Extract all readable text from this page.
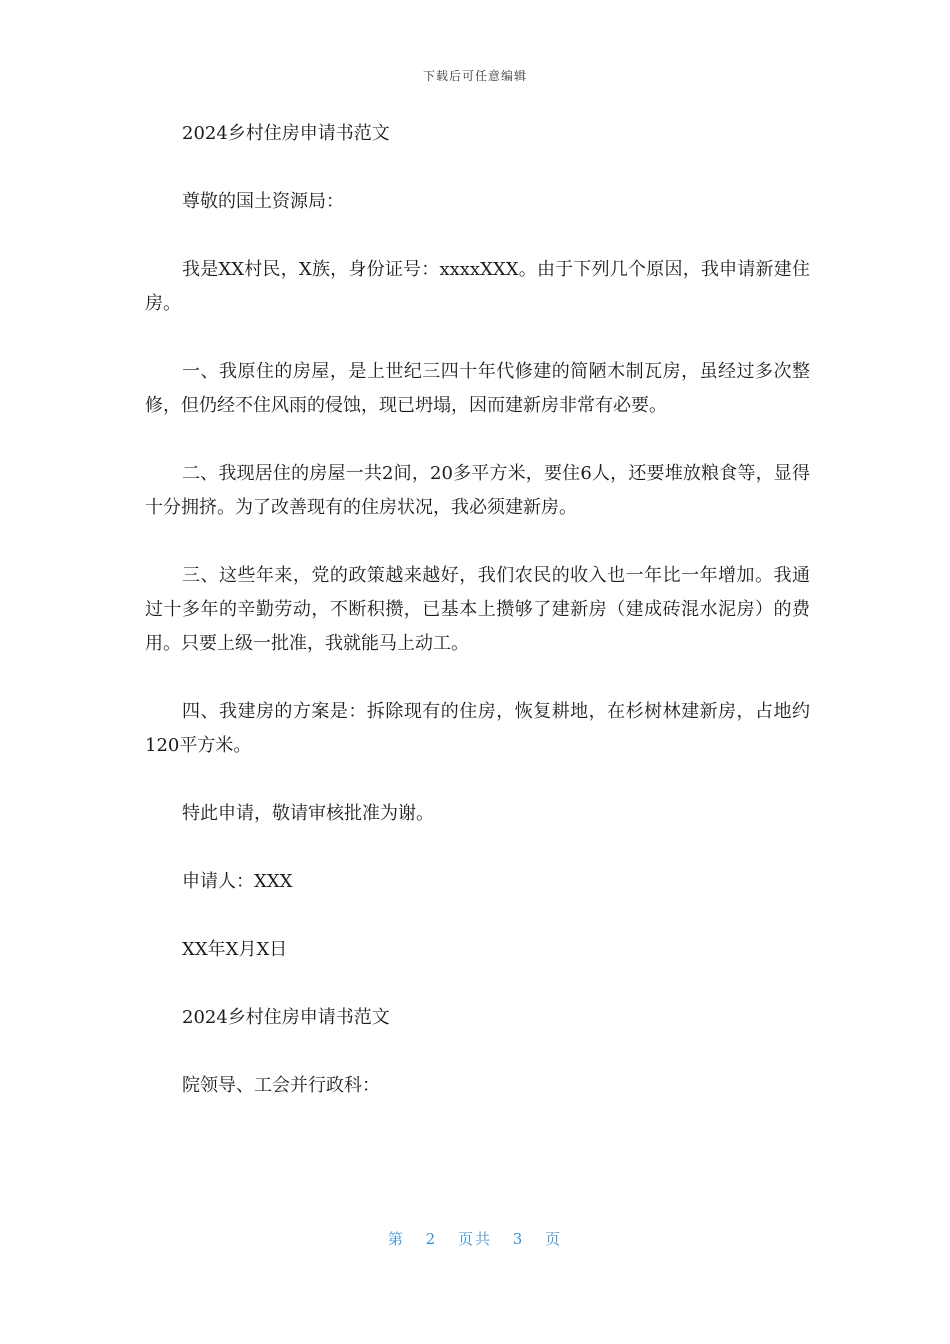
下载后可任意编辑

2024乡村住房申请书范文

尊敬的国土资源局：

我是XX村民，X族，身份证号：xxxxXXX。由于下列几个原因，我申请新建住房。

一、我原住的房屋，是上世纪三四十年代修建的简陋木制瓦房，虽经过多次整修，但仍经不住风雨的侵蚀，现已坍塌，因而建新房非常有必要。

二、我现居住的房屋一共2间，20多平方米，要住6人，还要堆放粮食等，显得十分拥挤。为了改善现有的住房状况，我必须建新房。

三、这些年来，党的政策越来越好，我们农民的收入也一年比一年增加。我通过十多年的辛勤劳动，不断积攒，已基本上攒够了建新房（建成砖混水泥房）的费用。只要上级一批准，我就能马上动工。

四、我建房的方案是：拆除现有的住房，恢复耕地，在杉树林建新房，占地约120平方米。

特此申请，敬请审核批准为谢。

申请人：XXX

XX年X月X日

2024乡村住房申请书范文

院领导、工会并行政科：

第 2 页共 3 页
